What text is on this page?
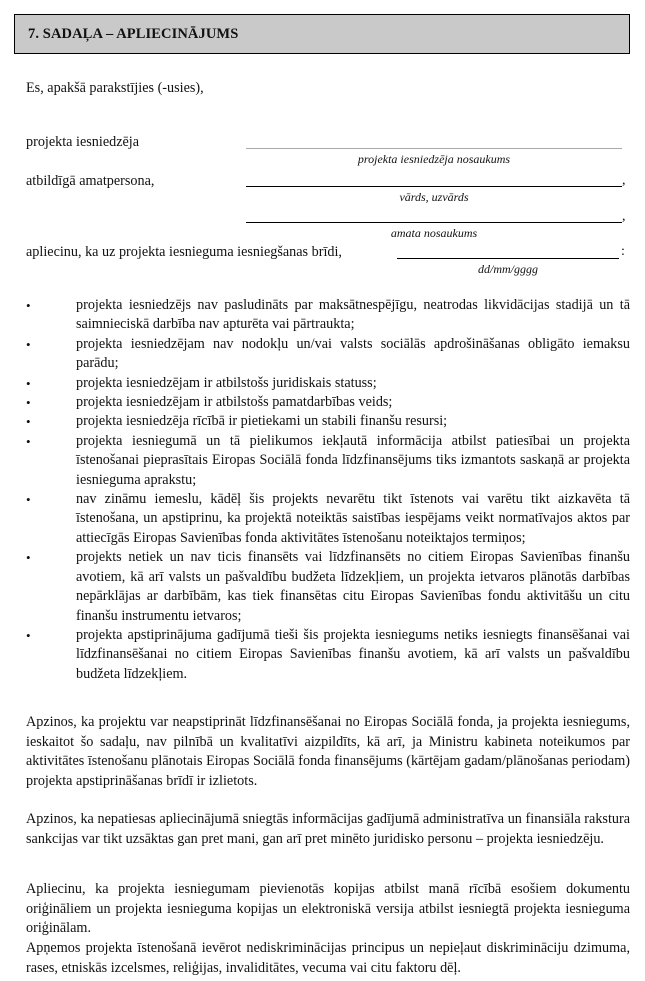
7. SADAĻA – APLIECINĀJUMS
Es, apakšā parakstījies (-usies),
projekta iesniedzēja
projekta iesniedzēja nosaukums
atbildīgā amatpersona,	,
vārds, uzvārds
,
amata nosaukums
apliecinu, ka uz projekta iesnieguma iesniegšanas brīdi,	:
dd/mm/gggg
•	projekta iesniedzējs nav pasludināts par maksātnespējīgu, neatrodas likvidācijas stadijā un tā saimnieciskā darbība nav apturēta vai pārtraukta;
•	projekta iesniedzējam nav nodokļu un/vai valsts sociālās apdrošināšanas obligāto iemaksu parādu;
•	projekta iesniedzējam ir atbilstošs juridiskais statuss;
•	projekta iesniedzējam ir atbilstošs pamatdarbības veids;
•	projekta iesniedzēja rīcībā ir pietiekami un stabili finanšu resursi;
•	projekta iesniegumā un tā pielikumos iekļautā informācija atbilst patiesībai un projekta īstenošanai pieprasītais Eiropas Sociālā fonda līdzfinansējums tiks izmantots saskaņā ar projekta iesnieguma aprakstu;
•	nav zināmu iemeslu, kādēļ šis projekts nevarētu tikt īstenots vai varētu tikt aizkavēta tā īstenošana, un apstiprinu, ka projektā noteiktās saistības iespējams veikt normatīvajos aktos par attiecīgās Eiropas Savienības fonda aktivitātes īstenošanu noteiktajos termiņos;
•	projekts netiek un nav ticis finansēts vai līdzfinansēts no citiem Eiropas Savienības finanšu avotiem, kā arī valsts un pašvaldību budžeta līdzekļiem, un projekta ietvaros plānotās darbības nepārklājas ar darbībām, kas tiek finansētas citu Eiropas Savienības fondu aktivitāšu un citu finanšu instrumentu ietvaros;
•	projekta apstiprinājuma gadījumā tieši šis projekta iesniegums netiks iesniegts finansēšanai vai līdzfinansēšanai no citiem Eiropas Savienības finanšu avotiem, kā arī valsts un pašvaldību budžeta līdzekļiem.
Apzinos, ka projektu var neapstiprināt līdzfinansēšanai no Eiropas Sociālā fonda, ja projekta iesniegums, ieskaitot šo sadaļu, nav pilnībā un kvalitatīvi aizpildīts, kā arī, ja Ministru kabineta noteikumos par aktivitātes īstenošanu plānotais Eiropas Sociālā fonda finansējums (kārtējam gadam/plānošanas periodam) projekta apstiprināšanas brīdī ir izlietots.
Apzinos, ka nepatiesas apliecinājumā sniegtās informācijas gadījumā administratīva un finansiāla rakstura sankcijas var tikt uzsāktas gan pret mani, gan arī pret minēto juridisko personu – projekta iesniedzēju.
Apliecinu, ka projekta iesniegumam pievienotās kopijas atbilst manā rīcībā esošiem dokumentu oriģināliem un projekta iesnieguma kopijas un elektroniskā versija atbilst iesniegtā projekta iesnieguma oriģinālam.
Apņemos projekta īstenošanā ievērot nediskriminācijas principus un nepieļaut diskrimināciju dzimuma, rases, etniskās izcelsmes, reliģijas, invaliditātes, vecuma vai citu faktoru dēļ.
